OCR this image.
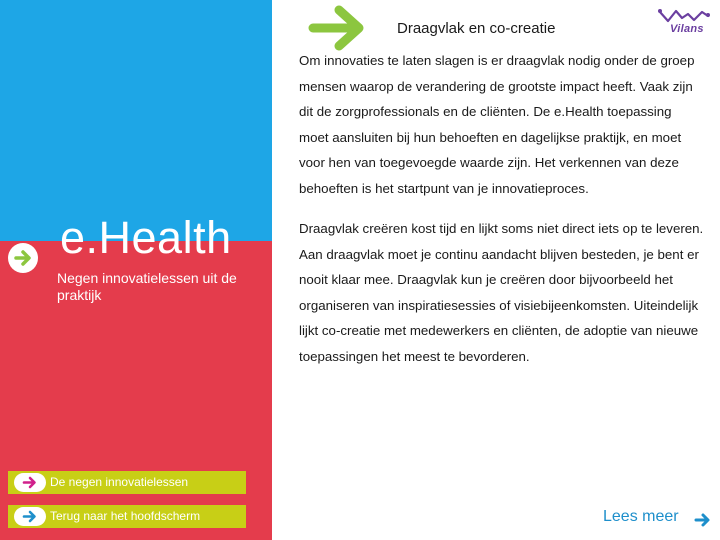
e.Health
Negen innovatielessen uit de praktijk
De negen innovatielessen
Terug naar het hoofdscherm
Draagvlak en co-creatie	Vilans

Om innovaties te laten slagen is er draagvlak nodig onder de groep mensen waarop de verandering de grootste impact heeft. Vaak zijn dit de zorgprofessionals en de cliënten. De e.Health toepassing moet aansluiten bij hun behoeften en dagelijkse praktijk, en moet voor hen van toegevoegde waarde zijn. Het verkennen van deze behoeften is het startpunt van je innovatieproces.

Draagvlak creëren kost tijd en lijkt soms niet direct iets op te leveren. Aan draagvlak moet je continu aandacht blijven besteden, je bent er nooit klaar mee. Draagvlak kun je creëren door bijvoorbeeld het organiseren van inspiratiesessies of visiebijeenkomsten. Uiteindelijk lijkt co-creatie met medewerkers en cliënten, de adoptie van nieuwe toepassingen het meest te bevorderen.

Lees meer
